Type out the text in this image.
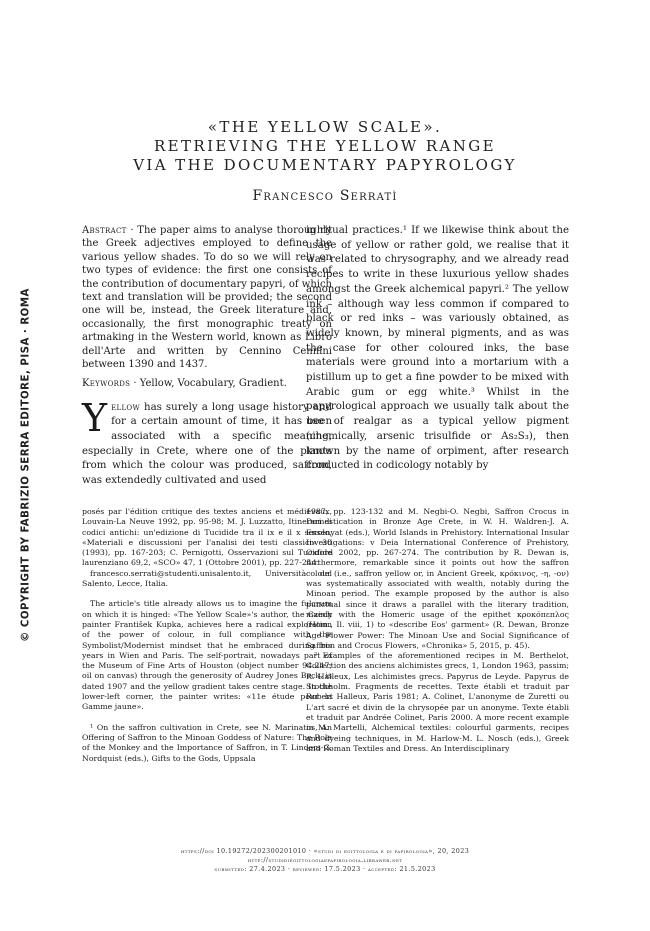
© COPYRIGHT BY FABRIZIO SERRA EDITORE, PISA · ROMA
«THE YELLOW SCALE».
RETRIEVING THE YELLOW RANGE
VIA THE DOCUMENTARY PAPYROLOGY
Francesco Serratì

Abstract · The paper aims to analyse thoroughly the Greek adjectives employed to define the various yellow shades. To do so we will rely on two types of evidence: the first one consists of the contribution of documentary papyri, of which text and translation will be provided; the second one will be, instead, the Greek literature and, occasionally, the first monographic treaty on artmaking in the Western world, known as Libro dell'Arte and written by Cennino Cennini between 1390 and 1437.

Keywords · Yellow, Vocabulary, Gradient.

Yellow has surely a long usage history and for a certain amount of time, it has been associated with a specific meaning, especially in Crete, where one of the plants from which the colour was produced, saffron, was extendedly cultivated and used

in ritual practices.¹ If we likewise think about the usage of yellow or rather gold, we realise that it was related to chrysography, and we already read recipes to write in these luxurious yellow shades amongst the Greek alchemical papyri.² The yellow ink – although way less common if compared to black or red inks – was variously obtained, as widely known, by mineral pigments, and as was the case for other coloured inks, the base materials were ground into a mortarium with a pistillum up to get a fine powder to be mixed with Arabic gum or egg white.³ Whilst in the papyrological approach we usually talk about the use of realgar as a typical yellow pigment (chemically, arsenic trisulfide or As₂S₃), then known by the name of orpiment, after research conducted in codicology notably by

posés par l'édition critique des textes anciens et médiévaux, Louvain-La Neuve 1992, pp. 95-98; M. J. Luzzatto, Itinerari di codici antichi: un'edizione di Tucidide tra il ix e il x secolo, «Materiali e discussioni per l'analisi dei testi classici» 30 (1993), pp. 167-203; C. Pernigotti, Osservazioni sul Tucidide laurenziano 69,2, «SCO» 47, 1 (Ottobre 2001), pp. 227-244.

francesco.serrati@studenti.unisalento.it, Università del Salento, Lecce, Italia.

The article's title already allows us to imagine the fulcrum on which it is hinged: «The Yellow Scale»'s author, the Czech painter František Kupka, achieves here a radical exploration of the power of colour, in full compliance with the Symbolist/Modernist mindset that he embraced during his years in Wien and Paris. The self-portrait, nowadays part of the Museum of Fine Arts of Houston (object number 94.247; oil on canvas) through the generosity of Audrey Jones Beck, is dated 1907 and the yellow gradient takes centre stage. In the lower-left corner, the painter writes: «11e étude pour la Gamme jaune».

¹ On the saffron cultivation in Crete, see N. Marinatos, An Offering of Saffron to the Minoan Goddess of Nature: The Role of the Monkey and the Importance of Saffron, in T. Linders-G. Nordquist (eds.), Gifts to the Gods, Uppsala

1987, pp. 123-132 and M. Negbi-O. Negbi, Saffron Crocus in Domestication in Bronze Age Crete, in W. H. Waldren-J. A. Ensenyat (eds.), World Islands in Prehistory. International Insular Investigations: v Deia International Conference of Prehistory, Oxford 2002, pp. 267-274. The contribution by R. Dewan is, furthermore, remarkable since it points out how the saffron colour (i.e., saffron yellow or, in Ancient Greek, κρόκινος, -η, -ον) was systematically associated with wealth, notably during the Minoan period. The example proposed by the author is also punctual since it draws a parallel with the literary tradition, mainly with the Homeric usage of the epithet κροκόπεπλος (Hom., Il. viii, 1) to «describe Eos' garment» (R. Dewan, Bronze Age Flower Power: The Minoan Use and Social Significance of Saffron and Crocus Flowers, «Chronika» 5, 2015, p. 45).

² Examples of the aforementioned recipes in M. Berthelot, Collection des anciens alchimistes grecs, 1, London 1963, passim; R. Halleux, Les alchimistes grecs. Papyrus de Leyde. Papyrus de Stockholm. Fragments de recettes. Texte établi et traduit par Robert Halleux, Paris 1981; A. Colinet, L'anonyme de Zuretti ou L'art sacré et divin de la chrysopée par un anonyme. Texte établi et traduit par Andrée Colinet, Paris 2000. A more recent example in M. Martelli, Alchemical textiles: colourful garments, recipes and dyeing techniques, in M. Harlow-M. L. Nosch (eds.), Greek and Roman Textiles and Dress. An Interdisciplinary

https://doi 10.19272/202300201010 · «studi di egittologia e di papirologia», 20, 2023
http://studidiegittologiaepapirologia.libraweb.net
submitted: 27.4.2023 · reviewed: 17.5.2023 · accepted: 21.5.2023
